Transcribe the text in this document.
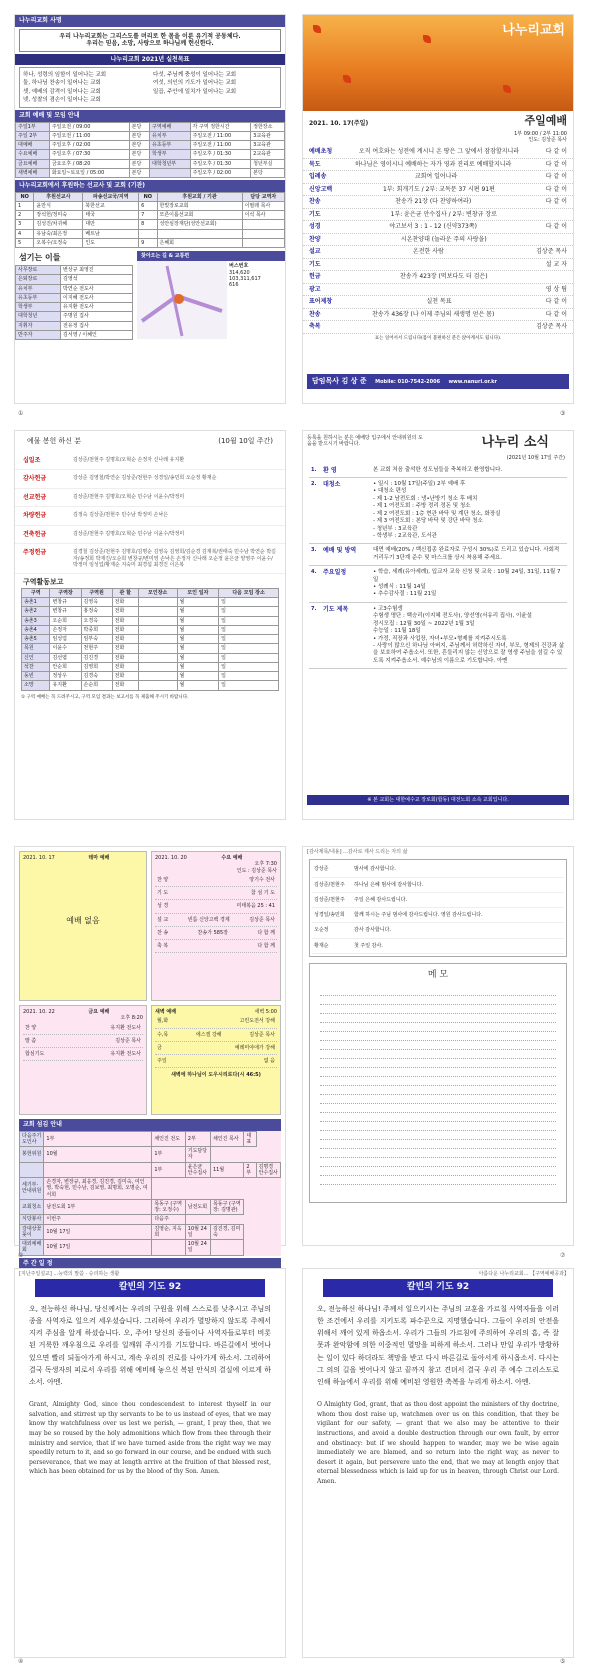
나누리교회 사명
우리 나누리교회는 그리스도를 머리로 한 몸을 이룬 유기적 공동체다.
우리는 믿음, 소망, 사랑으로 하나님께 헌신한다.
나누리교회 2021년 실천목표
하나, 성령의 임함이 일어나는 교회
둘, 하나님 찬송이 일어나는 교회
셋, 예배의 감격이 일어나는 교회
넷, 성찰의 겸손이 일어나는 교회
다섯, 주님께 충성이 일어나는 교회
여섯, 의인의 기도가 일어나는 교회
일곱, 주안에 일치가 일어나는 교회
교회 예배 및 모임 안내
주일1부	주일오전 / 09:00	본당	구역예배	각 구역 정한시간	정한장소
주일 2부	주일오전 / 11:00	본당	유치부	주일오전 / 11:00	3교육관
대예배	주일오후 / 02:00	본당	유초등부	주일오전 / 11:00	3교육관
수요예배	주일오후 / 07:30	본당	학생부	주일오후 / 01:30	2교육관
금요예배	금요오후 / 08:20	본당	대학청년부	주일오후 / 01:30	청년부실
새벽예배	화요일~토요일 / 05:00	본당		주일오후 / 02:00	본당
나누리교회에서 후원하는 선교사 및 교회 (기관)
NO	후원선교사	파송선교국/지역	NO	후원교회 / 기관	담당 교역자
1	윤만식	북한선교	6	한빛장로교회	이필래 목사
2	장석헌/정미숙	태국	7	모른이롭선교회	이석 목사
3	김성진/차귀혜	대만	8	성안심장재단(성안선교회)	
4	유남숙/최은정	베트남			
5	오복수/오정숙	인도	9	은혜회	
섬기는 이들
사무장로	변상규 최영진
은퇴장로	김영석
유치부	박연순 전도사
유초등부	이지혜 전도사
학생부	유지환 전도사
대학청년	주명원 집사
지휘자	전유정 집사
반주자	김서영 / 이혜인
찾아오는 길 & 교통편
버스번호
314,620
103,311,617
616
나누리교회
2021. 10. 17(주일)	주일예배
1부 09:00 / 2부 11:00
인도: 김상준 목사
예배초청	오직 여호와는 성전에 계시니 온 땅은 그 앞에서 잠잠할지니라	다 같 이
묵도	하나님은 영이시니 예배하는 자가 영과 진리로 예배할지니라	다 같 이
입례송	교회여 일어나라	다 같 이
신앙고백	1부: 회개기도 / 2부: 교독문 37 시편 91편	다 같 이
찬송	찬송가 21장 (다 찬양하여라)	다 같 이
기도	1부: 윤은균 안수집사 / 2부: 변창규 장로
성경	야고보서 3 : 1 - 12 (신약373쪽)	다 같 이
찬양	시온찬양대 (놀라운 주의 사랑을)
설교	온전한 사람	김상준 목사
기도	설 교 자
헌금	찬송가 423장 (먹보다도 더 검은)
광고	영 상 팀
표어제창	실천 목표	다 같 이
찬송	찬송가 436장 (나 이제 주님의 새생명 얻은 몸)	다 같 이
축복	김상준 목사
표는 일어서서 드립니다(몸이 불편하신 분은 앉아계셔도 됩니다).
담임목사 김 상 준 Mobile: 010-7542-2006 www.nanuri.or.kr
예물 봉헌 하신 분	(10월 10일 주간)
십일조	김상준/천현주 김명호/오혁순 손정자 신나래 유지환
감사헌금	강상준 김영철/박연순 김상준/천현주 성경일/송민희 오순정 황재순
선교헌금	김상준/천현주 김명호/오혁순 민수남 이윤수/박정미
차량헌금	김정숙 김상준/천현주 민수남 박정미 손낙은
건축헌금	김상준/천현주 김명호/오혁순 민수남 이윤수/박정미
주정헌금	김경철 김상준/천현주 김명호/김명순 김영옥 김영희/김순경 김재복/권태숙 민수남 박연순 박길자/송정희 박재진/오순희 변창규/변미영 손낙은 손정자 신나래 오순정 윤은균 양영주 이윤수/박정미 임성업/황재순 지숙미 최경섭 최경진 이은복
구역활동보고
구역	구역장	구역원	관 할	모인장소	모인 일자	다음 모임 장소
송촌1	변창규	김영옥	전화		월	일
송촌2	변창규	홍정숙	전화		월	일
송촌3	오순희	오경옥	전화		월	일
송촌4	손정자	박종희	전화		월	일
송촌5	임성업	임부숙	전화		월	일
목원	이윤수	천현주	전화		월	일
신인	김선엽	김진경	전화		월	일
석찬	안순희	김영희	전화		월	일
동빈	정상우	김경숙	전화		월	일
소망	유지환	손순희	전화		월	일
① 구역 예배는 꼭 드려주시고, 구역 모임 결과는 보고서를 꼭 제출해 주시기 바랍니다.
등록을 원하시는 분은 예배당 입구에서 안내위원의 도움을 받으시기 바랍니다.	나누리 소식
(2021년 10월 17일 주간)
1.	환 영	본 교회 처음 출석한 성도님들을 축복하고 환영합니다.
2.	대청소	• 일시 : 10월 17일(주일) 2부 예배 후
• 대청소 편성
- 제 1-2 남전도회 : 냉•난방기 청소 후 배치
- 제 1 여전도회 : 주방 정리 정돈 및 청소
- 제 2 여전도회 : 1층 현관 바닥 및 계단 청소, 화장실
- 제 3 여전도회 : 본당 바닥 및 강단 바닥 청소
- 청년부 : 3교육관
- 학생부 : 2교육관, 도서관
3.	예배 및 방역	대면 예배(20% / 백신접종 완료자로 구성시 30%)로 드리고 있습니다. 사회적 거리두기 3단계 준수 및 마스크를 상시 착용해 주세요.
4.	주요일정	• 학습, 세례(유아세례), 입교자 교육 신청 및 교육 : 10월 24일, 31일, 11월 7일
• 성례식 : 11월 14일
• 추수감사절 : 11월 21일
7.	기도 제목	• 고3수험생
수험생 명단 : 백승리(이지혜 전도사), 양선영(서유리 집사), 이윤설
정시모집 : 12월 30일 ~ 2022년 1월 3일
수능일 : 11월 18일
• 가정, 직장과 사업장, 자녀•부모•형제를 지켜주시도록
- 사랑이 많으신 하나님 아버지, 주님께서 허락하신 자녀, 부모, 형제의 건강과 삶을 보호하여 주옵소서. 또한, 흔들리지 않는 신앙으로 잘 영생 주님을 섬길 수 있도록 지켜주옵소서. 예수님의 이름으로 기도합니다. 아멘
※ 본 교회는 대한예수교 장로회(합동) 대전노회 소속 교회입니다.
2021. 10. 17	테마 예배
예배 없음
2021. 10. 20	수요 예배
오후 7:30
인도 : 김상준 목사
찬 양	양기수 전사
기 도	참 섬 기 도
성 경	미태복음 25 : 41
설 교	빈틈 신앙고백 경제	김상준 목사
찬 송	찬송가 585장	다 함 께
축 복	다 함 께
2021. 10. 22	금요 예배
오후 8:20
찬 양	유지환 전도사
말 씀	김상준 목사
합심기도	유지환 전도사
새벽 예배	새벽 5:00
월,화	고린도전서 강해
수,목	에스겔 강해	김상준 목사
금	예레미야애가 강해
주일	없 음
새벽에 하나님이 도우시리로다(시 46:5)
교회 섬김 안내
다음주기도인사	1부	채인진 전도	2부	채인진 목사	대표	
봉헌위원	10월	1부	기도담당자			
		1부	윤은균 안수집사	11월	2부	김명경 안수집사
세기부·안내위원	손경자, 변장규, 최응경, 김진경, 김미숙, 여인영, 박숙현, 민수남, 김보영, 최명희, 오명순, 여서희					
교회청소	남전도회 1부	목동구 (구역장: 오정수)	남전도회	목동구 (구역장: 김명관)		
식당봉사	이번주	다음주				
강대상꽃꽂이	10월 17일	김영순, 지옥희	10월 24일	김진경, 김미숙		
대외예배회	10월 17일		10월 24일			
주 간 일 정
[감사제목/내용] ...감사로 제사 드리는 자의 삶
강상준	범사에 감사합니다.
김상준/천현주	하나님 은혜 범사에 감사합니다.
김상준/천현주	주일 은혜 감사드립니다.
성경일/송민희	함께 하시는 주님 범사에 감사드립니다. 영원 감사드립니다.
오순정	감사 감사합니다.
황재순	첫 주일 감사.
메 모
[지난주일설교] ...능력의 말씀 · 승리하는 생활
칼빈의 기도 92
오, 전능하신 하나님, 당신께서는 우리의 구원을 위해 스스로를 낮추시고 주님의 종을 사역자로 일으켜 세우셨습니다. 그리하여 우리가 멸망하지 않도록 주께서 지켜 주심을 알게 하셨습니다. 오, 주여! 당신의 종들이나 사역자들로부터 비롯된 거룩한 깨우침으로 우리를 일깨워 주시기를 기도합니다. 바른길에서 벗어나 있으면 빨리 되돌아가게 하시고, 계속 우리의 진로를 나아가게 하소서. 그리하여 결국 독생자의 피로서 우리를 위해 예비해 놓으신 복된 안식의 결실에 이르게 하소서. 아멘.
Grant, Almighty God, since thou condescendest to interest thyself in our salvation, and stirrest up thy servants to be to us instead of eyes, that we may know thy watchfulness over us lest we perish, — grant, I pray thee, that we may be so roused by the holy admonitions which flow from thee through their ministry and service, that if we have turned aside from the right way we may speedily return to it, and so go forward in our course, and be endued with such perseverance, that we may at length arrive at the fruition of that blessed rest, which has been obtained for us by the blood of thy Son. Amen.
아름다운 나누리교회... 【구역예배공과】
칼빈의 기도 92
오, 전능하신 하나님! 주께서 일으키시는 주님의 교훈을 가르칠 사역자들을 이러한 조건에서 우리를 지키도록 파수꾼으로 지명했습니다. 그들이 우리의 안전을 위해서 깨어 있게 하옵소서. 우리가 그들의 가르침에 주의하여 우리의 흠, 즉 잘못과 완악함에 의한 이중적인 멸망을 피하게 하소서. 그러나 만일 우리가 방황하는 일이 있다 하더라도 책망을 받고 다시 바른길로 돌아서게 하시옵소서. 다시는 그 의의 길을 벗어나지 않고 끝까지 참고 견뎌서 결국 우리 주 예수 그리스도로 인해 하늘에서 우리를 위해 예비된 영원한 축복을 누리게 하소서. 아멘.
O Almighty God, grant, that as thou dost appoint the ministers of thy doctrine, whom thou dost raise up, watchmen over us on this condition, that they be vigilant for our safety, — grant that we also may be attentive to their instructions, and avoid a double destruction through our own fault, by error and obstinacy: but if we should happen to wander, may we be wise again immediately we are blamed, and so return into the right way, as never to desert it again, but persevere unto the end, that we may at length enjoy that eternal blessedness which is laid up for us in heaven, through Christ our Lord. Amen.
①	③
②	⑦
④	⑤
